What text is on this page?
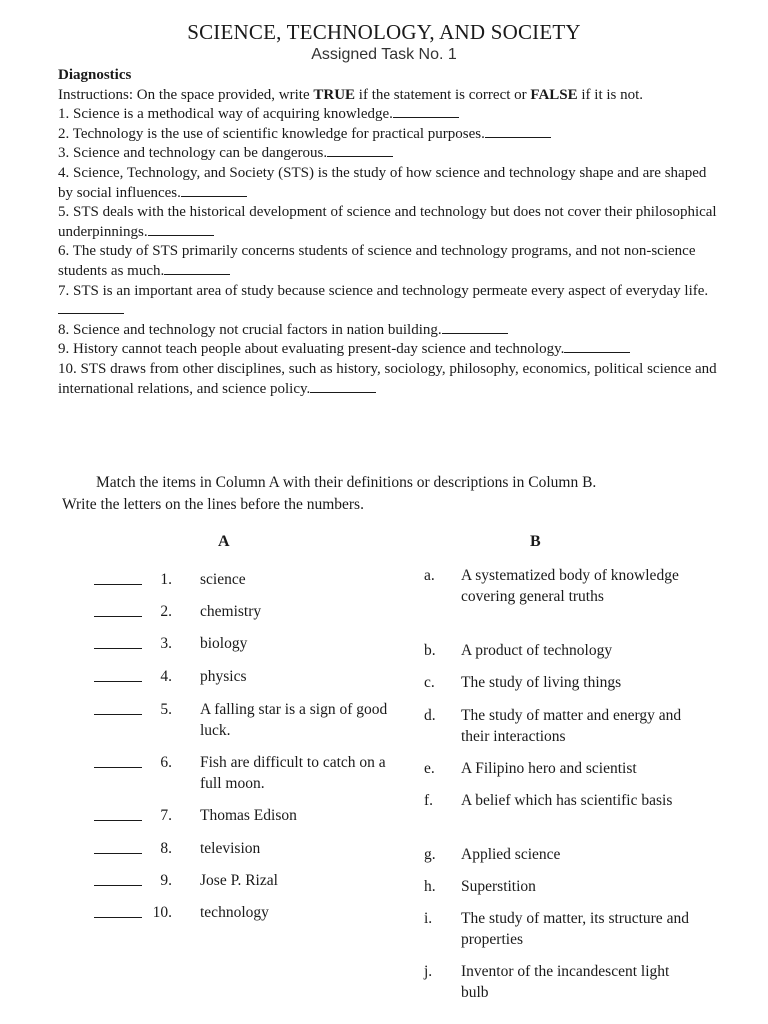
SCIENCE, TECHNOLOGY, AND SOCIETY
Assigned Task No. 1
Diagnostics

Instructions: On the space provided, write TRUE if the statement is correct or FALSE if it is not.

1. Science is a methodical way of acquiring knowledge.

2. Technology is the use of scientific knowledge for practical purposes.

3. Science and technology can be dangerous.

4. Science, Technology, and Society (STS) is the study of how science and technology shape and are shaped by social influences.

5. STS deals with the historical development of science and technology but does not cover their philosophical underpinnings.

6. The study of STS primarily concerns students of science and technology programs, and not non-science students as much.

7. STS is an important area of study because science and technology permeate every aspect of everyday life.

8. Science and technology not crucial factors in nation building.

9. History cannot teach people about evaluating present-day science and technology.

10. STS draws from other disciplines, such as history, sociology, philosophy, economics, political science and international relations, and science policy.

Match the items in Column A with their definitions or descriptions in Column B.
Write the letters on the lines before the numbers.
A	B
1. science
2. chemistry
3. biology
4. physics
5. A falling star is a sign of good luck.
6. Fish are difficult to catch on a full moon.
7. Thomas Edison
8. television
9. Jose P. Rizal
10. technology
a.	A systematized body of knowledge covering general truths
b.	A product of technology
c.	The study of living things
d.	The study of matter and energy and their interactions
e.	A Filipino hero and scientist
f.	A belief which has scientific basis
g.	Applied science
h.	Superstition
i.	The study of matter, its structure and properties
j.	Inventor of the incandescent light bulb
